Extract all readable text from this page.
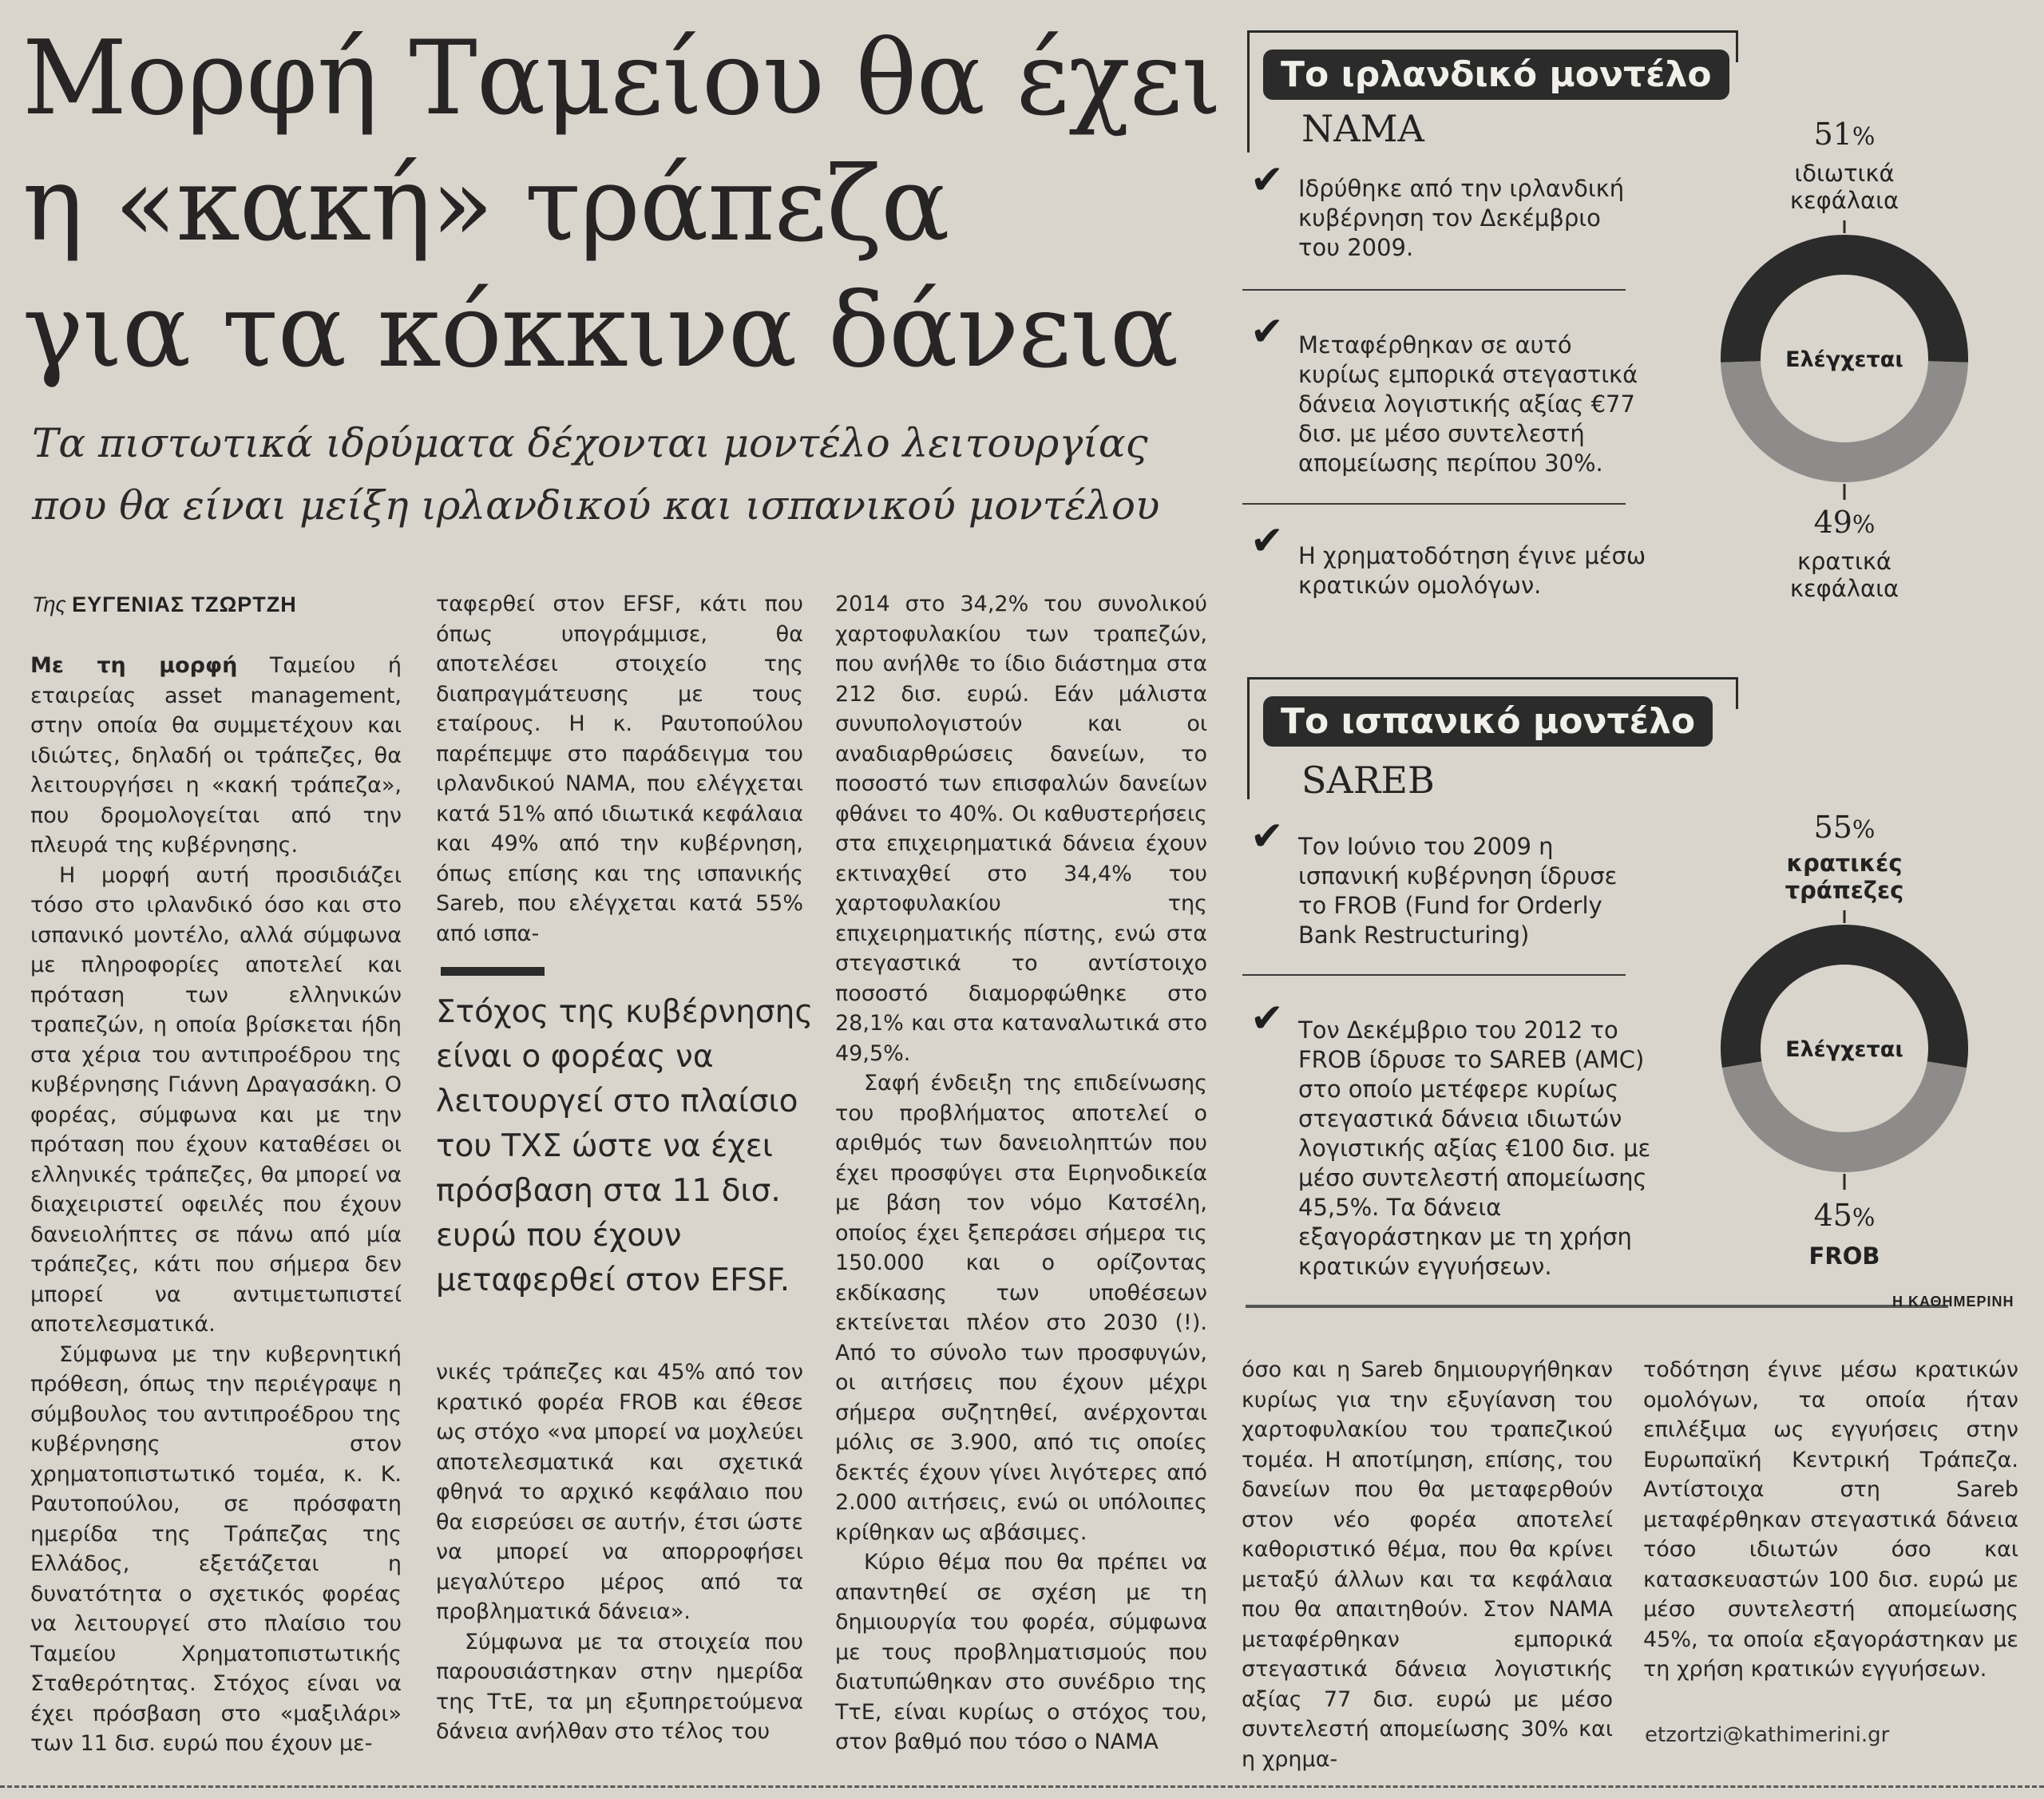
Μορφή Ταμείου θα έχει
η «κακή» τράπεζα
για τα κόκκινα δάνεια
Τα πιστωτικά ιδρύματα δέχονται μοντέλο λειτουργίας
που θα είναι μείξη ιρλανδικού και ισπανικού μοντέλου
Της ΕΥΓΕΝΙΑΣ ΤΖΩΡΤΖΗ

Με τη μορφή Ταμείου ή εταιρείας asset management, στην οποία θα συμμετέχουν και ιδιώτες, δηλαδή οι τράπεζες, θα λειτουργήσει η «κακή τράπεζα», που δρομολογείται από την πλευρά της κυβέρνησης.

Η μορφή αυτή προσιδιάζει τόσο στο ιρλανδικό όσο και στο ισπανικό μοντέλο, αλλά σύμφωνα με πληροφορίες αποτελεί και πρόταση των ελληνικών τραπεζών, η οποία βρίσκεται ήδη στα χέρια του αντιπροέδρου της κυβέρνησης Γιάννη Δραγασάκη. Ο φορέας, σύμφωνα και με την πρόταση που έχουν καταθέσει οι ελληνικές τράπεζες, θα μπορεί να διαχειριστεί οφειλές που έχουν δανειολήπτες σε πάνω από μία τράπεζες, κάτι που σήμερα δεν μπορεί να αντιμετωπιστεί αποτελεσματικά.

Σύμφωνα με την κυβερνητική πρόθεση, όπως την περιέγραψε η σύμβουλος του αντιπροέδρου της κυβέρνησης στον χρηματοπιστωτικό τομέα, κ. Κ. Ραυτοπούλου, σε πρόσφατη ημερίδα της Τράπεζας της Ελλάδος, εξετάζεται η δυνατότητα ο σχετικός φορέας να λειτουργεί στο πλαίσιο του Ταμείου Χρηματοπιστωτικής Σταθερότητας. Στόχος είναι να έχει πρόσβαση στο «μαξιλάρι» των 11 δισ. ευρώ που έχουν με-

ταφερθεί στον EFSF, κάτι που όπως υπογράμμισε, θα αποτελέσει στοιχείο της διαπραγμάτευσης με τους εταίρους. Η κ. Ραυτοπούλου παρέπεμψε στο παράδειγμα του ιρλανδικού ΝΑΜΑ, που ελέγχεται κατά 51% από ιδιωτικά κεφάλαια και 49% από την κυβέρνηση, όπως επίσης και της ισπανικής Sareb, που ελέγχεται κατά 55% από ισπα-

Στόχος της κυβέρνησης είναι ο φορέας να λειτουργεί στο πλαίσιο του ΤΧΣ ώστε να έχει πρόσβαση στα 11 δισ. ευρώ που έχουν μεταφερθεί στον EFSF.

νικές τράπεζες και 45% από τον κρατικό φορέα FROB και έθεσε ως στόχο «να μπορεί να μοχλεύει αποτελεσματικά και σχετικά φθηνά το αρχικό κεφάλαιο που θα εισρεύσει σε αυτήν, έτσι ώστε να μπορεί να απορροφήσει μεγαλύτερο μέρος από τα προβληματικά δάνεια».

Σύμφωνα με τα στοιχεία που παρουσιάστηκαν στην ημερίδα της ΤτΕ, τα μη εξυπηρετούμενα δάνεια ανήλθαν στο τέλος του

2014 στο 34,2% του συνολικού χαρτοφυλακίου των τραπεζών, που ανήλθε το ίδιο διάστημα στα 212 δισ. ευρώ. Εάν μάλιστα συνυπολογιστούν και οι αναδιαρθρώσεις δανείων, το ποσοστό των επισφαλών δανείων φθάνει το 40%. Οι καθυστερήσεις στα επιχειρηματικά δάνεια έχουν εκτιναχθεί στο 34,4% του χαρτοφυλακίου της επιχειρηματικής πίστης, ενώ στα στεγαστικά το αντίστοιχο ποσοστό διαμορφώθηκε στο 28,1% και στα καταναλωτικά στο 49,5%.

Σαφή ένδειξη της επιδείνωσης του προβλήματος αποτελεί ο αριθμός των δανειοληπτών που έχει προσφύγει στα Ειρηνοδικεία με βάση τον νόμο Κατσέλη, οποίος έχει ξεπεράσει σήμερα τις 150.000 και ο ορίζοντας εκδίκασης των υποθέσεων εκτείνεται πλέον στο 2030 (!). Από το σύνολο των προσφυγών, οι αιτήσεις που έχουν μέχρι σήμερα συζητηθεί, ανέρχονται μόλις σε 3.900, από τις οποίες δεκτές έχουν γίνει λιγότερες από 2.000 αιτήσεις, ενώ οι υπόλοιπες κρίθηκαν ως αβάσιμες.

Κύριο θέμα που θα πρέπει να απαντηθεί σε σχέση με τη δημιουργία του φορέα, σύμφωνα με τους προβληματισμούς που διατυπώθηκαν στο συνέδριο της ΤτΕ, είναι κυρίως ο στόχος του, στον βαθμό που τόσο ο ΝΑΜΑ

όσο και η Sareb δημιουργήθηκαν κυρίως για την εξυγίανση του χαρτοφυλακίου του τραπεζικού τομέα. Η αποτίμηση, επίσης, του δανείων που θα μεταφερθούν στον νέο φορέα αποτελεί καθοριστικό θέμα, που θα κρίνει μεταξύ άλλων και τα κεφάλαια που θα απαιτηθούν. Στον ΝΑΜΑ μεταφέρθηκαν εμπορικά στεγαστικά δάνεια λογιστικής αξίας 77 δισ. ευρώ με μέσο συντελεστή απομείωσης 30% και η χρημα-

τοδότηση έγινε μέσω κρατικών ομολόγων, τα οποία ήταν επιλέξιμα ως εγγυήσεις στην Ευρωπαϊκή Κεντρική Τράπεζα. Αντίστοιχα στη Sareb μεταφέρθηκαν στεγαστικά δάνεια τόσο ιδιωτών όσο και κατασκευαστών 100 δισ. ευρώ με μέσο συντελεστή απομείωσης 45%, τα οποία εξαγοράστηκαν με τη χρήση κρατικών εγγυήσεων.

etzortzi@kathimerini.gr
Το ιρλανδικό μοντέλο
ΝΑΜΑ
✔ Ιδρύθηκε από την ιρλανδική κυβέρνηση τον Δεκέμβριο του 2009.
✔ Μεταφέρθηκαν σε αυτό κυρίως εμπορικά στεγαστικά δάνεια λογιστικής αξίας €77 δισ. με μέσο συντελεστή απομείωσης περίπου 30%.
✔ Η χρηματοδότηση έγινε μέσω κρατικών ομολόγων.
51%
ιδιωτικά κεφάλαια
Ελέγχεται
49%
κρατικά κεφάλαια
Το ισπανικό μοντέλο
SAREB
✔ Τον Ιούνιο του 2009 η ισπανική κυβέρνηση ίδρυσε το FROB (Fund for Orderly Bank Restructuring)
✔ Τον Δεκέμβριο του 2012 το FROB ίδρυσε το SAREB (AMC) στο οποίο μετέφερε κυρίως στεγαστικά δάνεια ιδιωτών λογιστικής αξίας €100 δισ. με μέσο συντελεστή απομείωσης 45,5%. Τα δάνεια εξαγοράστηκαν με τη χρήση κρατικών εγγυήσεων.
55%
κρατικές τράπεζες
Ελέγχεται
45%
FROB
Η ΚΑΘΗΜΕΡΙΝΗ
